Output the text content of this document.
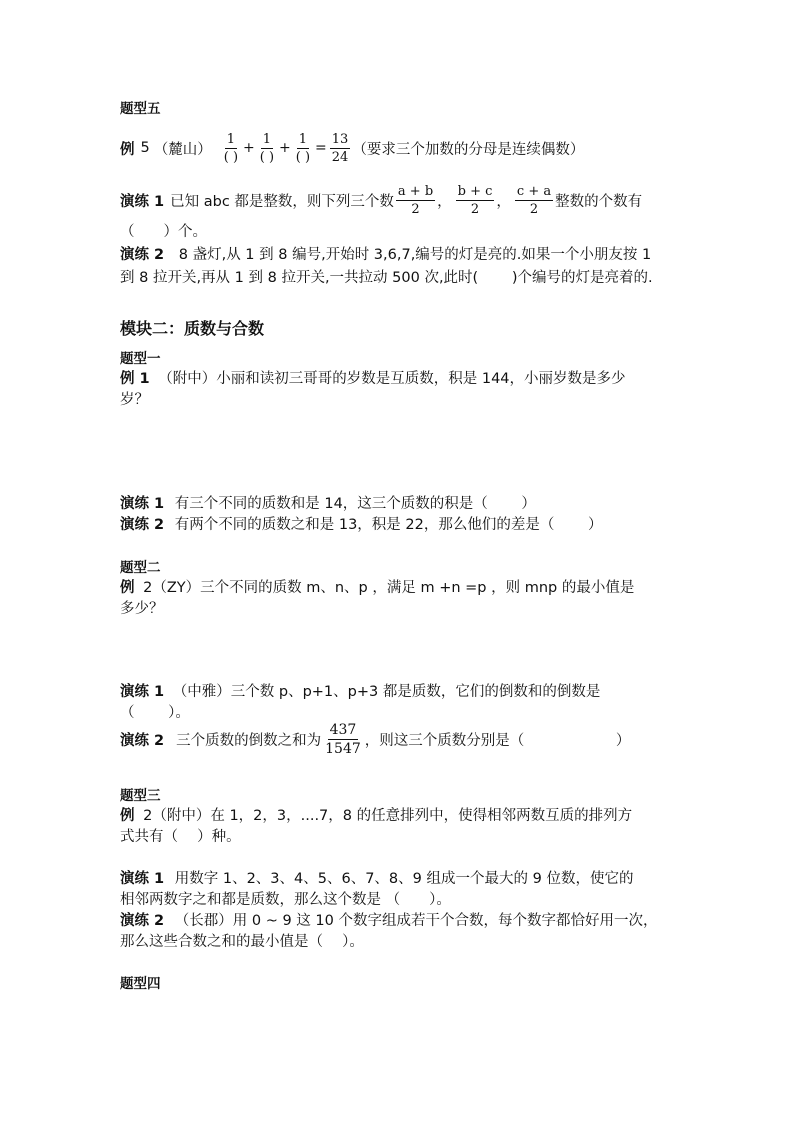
题型五
例 5 （麓山） $\frac{1}{( )} + \frac{1}{( )} + \frac{1}{( )} = \frac{13}{24}$ （要求三个加数的分母是连续偶数）
演练 1 已知 abc 都是整数，则下列三个数 $\frac{a + b}{2}$ ， $\frac{b + c}{2}$ ， $\frac{c + a}{2}$ 整数的个数有
（　　）个。
演练 2 8 盏灯,从 1 到 8 编号,开始时 3,6,7,编号的灯是亮的.如果一个小朋友按 1
到 8 拉开关,再从 1 到 8 拉开关,一共拉动 500 次,此时(　　 )个编号的灯是亮着的.
模块二：质数与合数
题型一
例 1 （附中）小丽和读初三哥哥的岁数是互质数，积是 144，小丽岁数是多少
岁？
演练 1 有三个不同的质数和是 14，这三个质数的积是（　　 ）
演练 2 有两个不同的质数之和是 13，积是 22，那么他们的差是（　　 ）
题型二
例 2（ZY）三个不同的质数 m、n、p ，满足 m +n =p ，则 mnp 的最小值是
多少？
演练 1 （中雅）三个数 p、p+1、p+3 都是质数，它们的倒数和的倒数是
（　　 ）。
演练 2 三个质数的倒数之和为 $\frac{437}{1547}$ ，则这三个质数分别是（　　　　　　 ）
题型三
例 2（附中）在 1，2，3，....7，8 的任意排列中，使得相邻两数互质的排列方
式共有（　 ）种。
演练 1 用数字 1、2、3、4、5、6、7、8、9 组成一个最大的 9 位数，使它的
相邻两数字之和都是质数，那么这个数是 （　　）。
演练 2 （长郡）用 0 ~ 9 这 10 个数字组成若干个合数，每个数字都恰好用一次，
那么这些合数之和的最小值是（　 ）。
题型四
